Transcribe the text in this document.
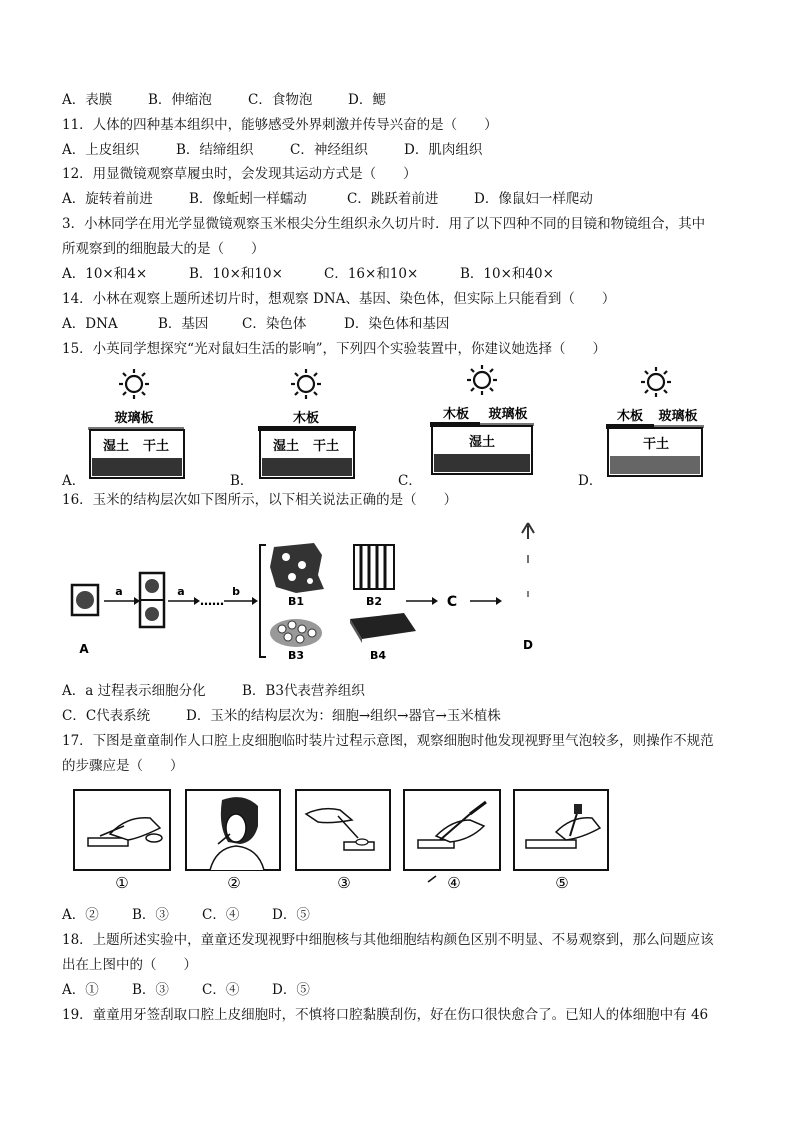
A．表膜	B．伸缩泡	C．食物泡	D．鳃
11．人体的四种基本组织中，能够感受外界刺激并传导兴奋的是（　　）
A．上皮组织	B．结缔组织	C．神经组织	D．肌肉组织
12．用显微镜观察草履虫时，会发现其运动方式是（　　）
A．旋转着前进	B．像蚯蚓一样蠕动	C．跳跃着前进	D．像鼠妇一样爬动
3．小林同学在用光学显微镜观察玉米根尖分生组织永久切片时．用了以下四种不同的目镜和物镜组合，其中
所观察到的细胞最大的是（　　）
A．10×和4×	B．10×和10×	C．16×和10×	B．10×和40×
14．小林在观察上题所述切片时，想观察 DNA、基因、染色体，但实际上只能看到（　　）
A．DNA	B．基因 C．染色体	D．染色体和基因
15．小英同学想探究“光对鼠妇生活的影响”，下列四个实验装置中，你建议她选择（　　）
玻璃板
湿土 干土
木板
湿土 干土
木板 玻璃板
湿土
木板 玻璃板
干土
A．	B．	C．	D．
16．玉米的结构层次如下图所示，以下相关说法正确的是（　　）
A
a	a
……
b
B1	B2
B3	B4
C
D
A．a 过程表示细胞分化	B．B3代表营养组织
C．C代表系统	D．玉米的结构层次为：细胞→组织→器官→玉米植株
17．下图是童童制作人口腔上皮细胞临时装片过程示意图，观察细胞时他发现视野里气泡较多，则操作不规范
的步骤应是（　　）
①	②	③	④	⑤
A．② B．③ C．④ D．⑤
18．上题所述实验中，童童还发现视野中细胞核与其他细胞结构颜色区别不明显、不易观察到，那么问题应该
出在上图中的（　　）
A．① B．③ C．④ D．⑤
19．童童用牙签刮取口腔上皮细胞时，不慎将口腔黏膜刮伤，好在伤口很快愈合了。已知人的体细胞中有 46
